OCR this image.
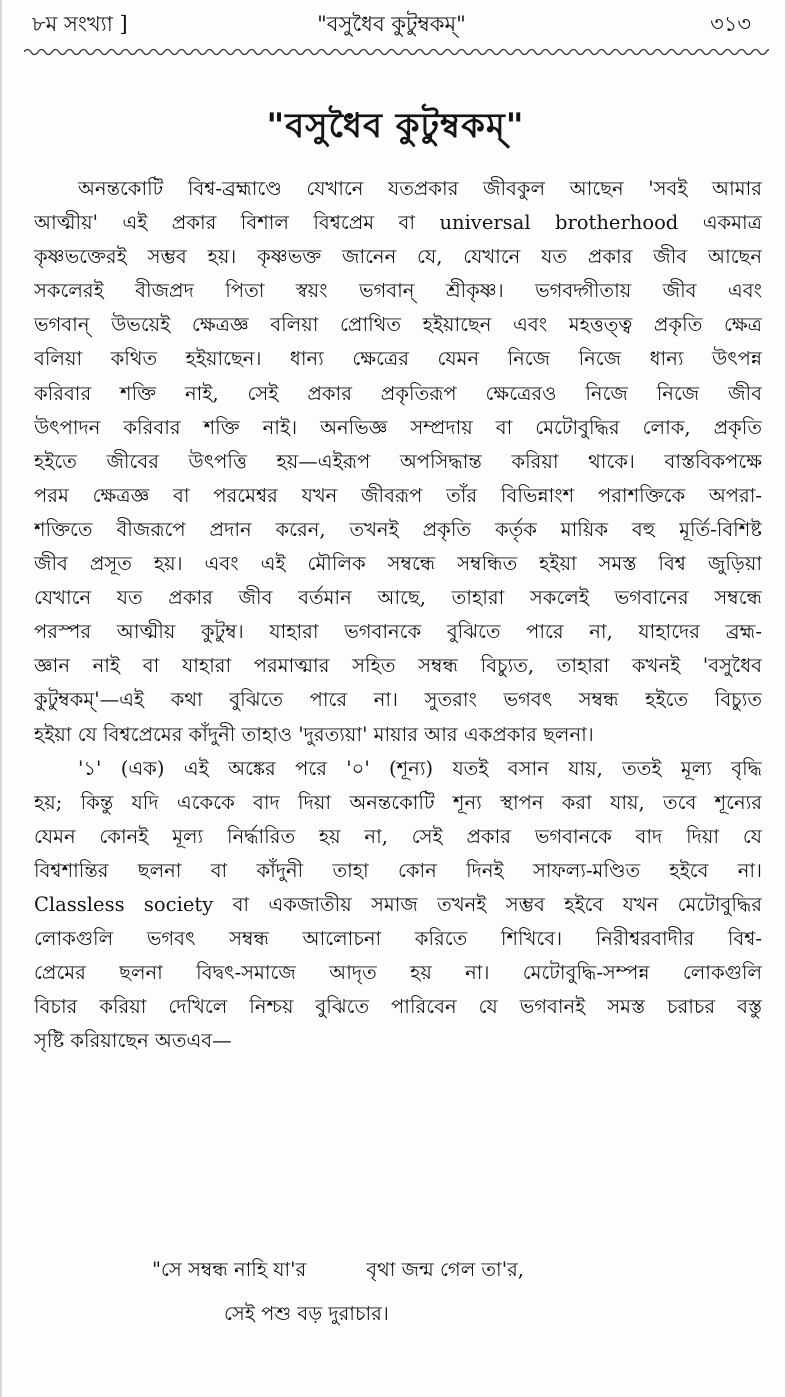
৮ম সংখ্যা ]	"বসুধৈব কুটুম্বকম্"	৩১৩
"বসুধৈব কুটুম্বকম্"
অনন্তকোটি বিশ্ব-ব্রহ্মাণ্ডে যেখানে যতপ্রকার জীবকুল আছেন 'সবই আমার
আত্মীয়' এই প্রকার বিশাল বিশ্বপ্রেম বা universal brotherhood একমাত্র
কৃষ্ণভক্তেরই সম্ভব হয়। কৃষ্ণভক্ত জানেন যে, যেখানে যত প্রকার জীব আছেন
সকলেরই বীজপ্রদ পিতা স্বয়ং ভগবান্ শ্রীকৃষ্ণ। ভগবদ্গীতায় জীব এবং
ভগবান্ উভয়েই ক্ষেত্রজ্ঞ বলিয়া প্রোথিত হইয়াছেন এবং মহত্তত্ত্ব প্রকৃতি ক্ষেত্র
বলিয়া কথিত হইয়াছেন। ধান্য ক্ষেত্রের যেমন নিজে নিজে ধান্য উৎপন্ন
করিবার শক্তি নাই, সেই প্রকার প্রকৃতিরূপ ক্ষেত্রেরও নিজে নিজে জীব
উৎপাদন করিবার শক্তি নাই। অনভিজ্ঞ সম্প্রদায় বা মেটোবুদ্ধির লোক, প্রকৃতি
হইতে জীবের উৎপত্তি হয়—এইরূপ অপসিদ্ধান্ত করিয়া থাকে। বাস্তবিকপক্ষে
পরম ক্ষেত্রজ্ঞ বা পরমেশ্বর যখন জীবরূপ তাঁর বিভিন্নাংশ পরাশক্তিকে অপরা-
শক্তিতে বীজরূপে প্রদান করেন, তখনই প্রকৃতি কর্তৃক মায়িক বহু মূর্তি-বিশিষ্ট
জীব প্রসূত হয়। এবং এই মৌলিক সম্বন্ধে সম্বন্ধিত হইয়া সমস্ত বিশ্ব জুড়িয়া
যেখানে যত প্রকার জীব বর্তমান আছে, তাহারা সকলেই ভগবানের সম্বন্ধে
পরস্পর আত্মীয় কুটুম্ব। যাহারা ভগবানকে বুঝিতে পারে না, যাহাদের ব্রহ্ম-
জ্ঞান নাই বা যাহারা পরমাত্মার সহিত সম্বন্ধ বিচ্যুত, তাহারা কখনই 'বসুধৈব
কুটুম্বকম্'—এই কথা বুঝিতে পারে না। সুতরাং ভগবৎ সম্বন্ধ হইতে বিচ্যুত
হইয়া যে বিশ্বপ্রেমের কাঁদুনী তাহাও 'দুরত্যয়া' মায়ার আর একপ্রকার ছলনা।
'১' (এক) এই অঙ্কের পরে '০' (শূন্য) যতই বসান যায়, ততই মূল্য বৃদ্ধি
হয়; কিন্তু যদি একেকে বাদ দিয়া অনন্তকোটি শূন্য স্থাপন করা যায়, তবে শূন্যের
যেমন কোনই মূল্য নির্দ্ধারিত হয় না, সেই প্রকার ভগবানকে বাদ দিয়া যে
বিশ্বশান্তির ছলনা বা কাঁদুনী তাহা কোন দিনই সাফল্য-মণ্ডিত হইবে না।
Classless society বা একজাতীয় সমাজ তখনই সম্ভব হইবে যখন মেটোবুদ্ধির
লোকগুলি ভগবৎ সম্বন্ধ আলোচনা করিতে শিখিবে। নিরীশ্বরবাদীর বিশ্ব-
প্রেমের ছলনা বিদ্বৎ-সমাজে আদৃত হয় না। মেটোবুদ্ধি-সম্পন্ন লোকগুলি
বিচার করিয়া দেখিলে নিশ্চয় বুঝিতে পারিবেন যে ভগবানই সমস্ত চরাচর বস্তু
সৃষ্টি করিয়াছেন অতএব—
"সে সম্বন্ধ নাহি যা'র	বৃথা জন্ম গেল তা'র,
সেই পশু বড় দুরাচার।
